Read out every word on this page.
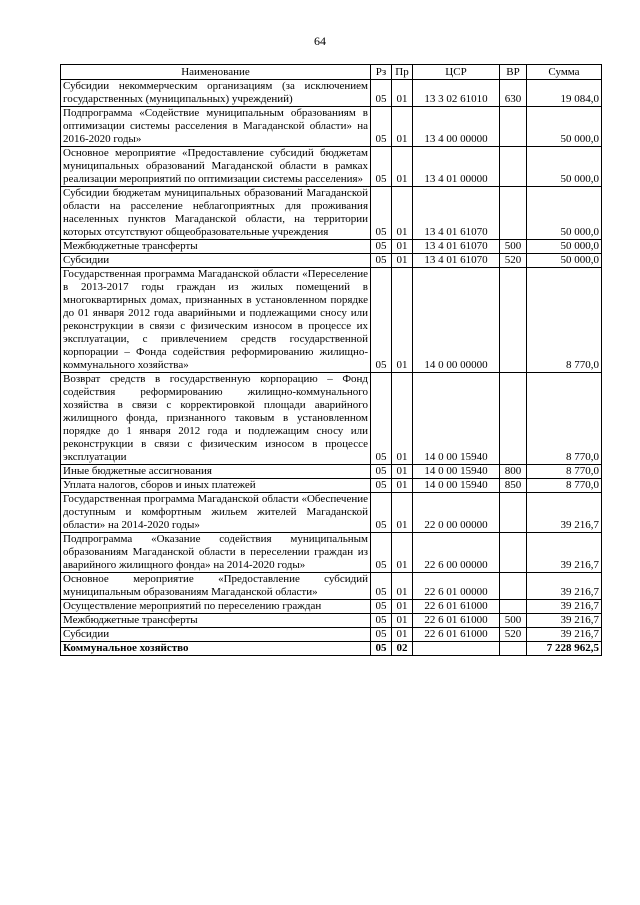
64
Наименование	Рз	Пр	ЦСР	ВР	Сумма
Субсидии некоммерческим организациям (за исключением государственных (муниципальных) учреждений)	05	01	13 3 02 61010	630	19 084,0
Подпрограмма «Содействие муниципальным образованиям в оптимизации системы расселения в Магаданской области» на 2016-2020 годы»	05	01	13 4 00 00000		50 000,0
Основное мероприятие «Предоставление субсидий бюджетам муниципальных образований Магаданской области в рамках реализации мероприятий по оптимизации системы расселения»	05	01	13 4 01 00000		50 000,0
Субсидии бюджетам муниципальных образований Магаданской области на расселение неблагоприятных для проживания населенных пунктов Магаданской области, на территории которых отсутствуют общеобразовательные учреждения	05	01	13 4 01 61070		50 000,0
Межбюджетные трансферты	05	01	13 4 01 61070	500	50 000,0
Субсидии	05	01	13 4 01 61070	520	50 000,0
Государственная программа Магаданской области «Переселение в 2013-2017 годы граждан из жилых помещений в многоквартирных домах, признанных в установленном порядке до 01 января 2012 года аварийными и подлежащими сносу или реконструкции в связи с физическим износом в процессе их эксплуатации, с привлечением средств государственной корпорации – Фонда содействия реформированию жилищно-коммунального хозяйства»	05	01	14 0 00 00000		8 770,0
Возврат средств в государственную корпорацию – Фонд содействия реформированию жилищно-коммунального хозяйства в связи с корректировкой площади аварийного жилищного фонда, признанного таковым в установленном порядке до 1 января 2012 года и подлежащим сносу или реконструкции в связи с физическим износом в процессе эксплуатации	05	01	14 0 00 15940		8 770,0
Иные бюджетные ассигнования	05	01	14 0 00 15940	800	8 770,0
Уплата налогов, сборов и иных платежей	05	01	14 0 00 15940	850	8 770,0
Государственная программа Магаданской области «Обеспечение доступным и комфортным жильем жителей Магаданской области» на 2014-2020 годы»	05	01	22 0 00 00000		39 216,7
Подпрограмма «Оказание содействия муниципальным образованиям Магаданской области в переселении граждан из аварийного жилищного фонда» на 2014-2020 годы»	05	01	22 6 00 00000		39 216,7
Основное мероприятие «Предоставление субсидий муниципальным образованиям Магаданской области»	05	01	22 6 01 00000		39 216,7
Осуществление мероприятий по переселению граждан	05	01	22 6 01 61000		39 216,7
Межбюджетные трансферты	05	01	22 6 01 61000	500	39 216,7
Субсидии	05	01	22 6 01 61000	520	39 216,7
Коммунальное хозяйство	05	02			7 228 962,5
